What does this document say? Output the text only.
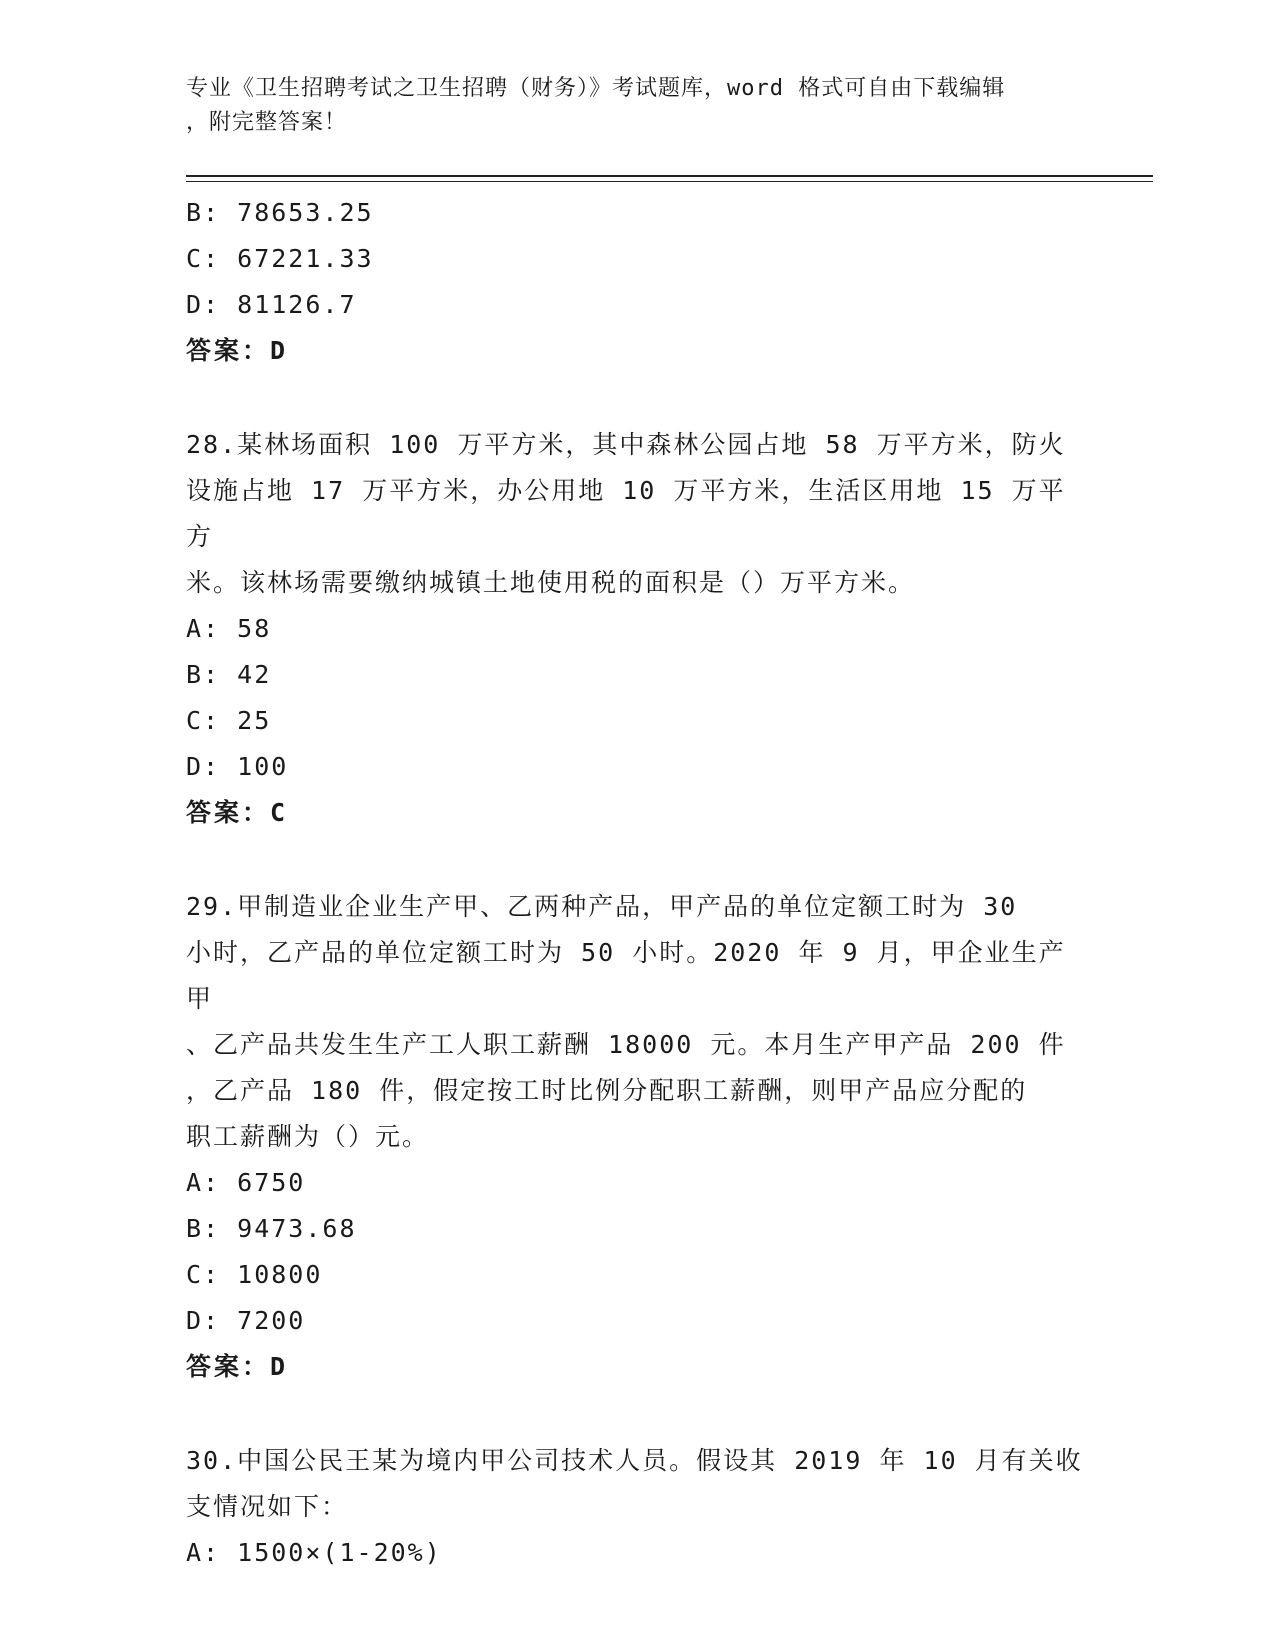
专业《卫生招聘考试之卫生招聘（财务）》考试题库，word 格式可自由下载编辑
，附完整答案！
B: 78653.25
C: 67221.33
D: 81126.7
答案：D
28.某林场面积 100 万平方米，其中森林公园占地 58 万平方米，防火
设施占地 17 万平方米，办公用地 10 万平方米，生活区用地 15 万平方
米。该林场需要缴纳城镇土地使用税的面积是（）万平方米。
A: 58
B: 42
C: 25
D: 100
答案：C
29.甲制造业企业生产甲、乙两种产品，甲产品的单位定额工时为 30
小时，乙产品的单位定额工时为 50 小时。2020 年 9 月，甲企业生产甲
、乙产品共发生生产工人职工薪酬 18000 元。本月生产甲产品 200 件
，乙产品 180 件，假定按工时比例分配职工薪酬，则甲产品应分配的
职工薪酬为（）元。
A: 6750
B: 9473.68
C: 10800
D: 7200
答案：D
30.中国公民王某为境内甲公司技术人员。假设其 2019 年 10 月有关收
支情况如下：
A: 1500×(1-20%)
